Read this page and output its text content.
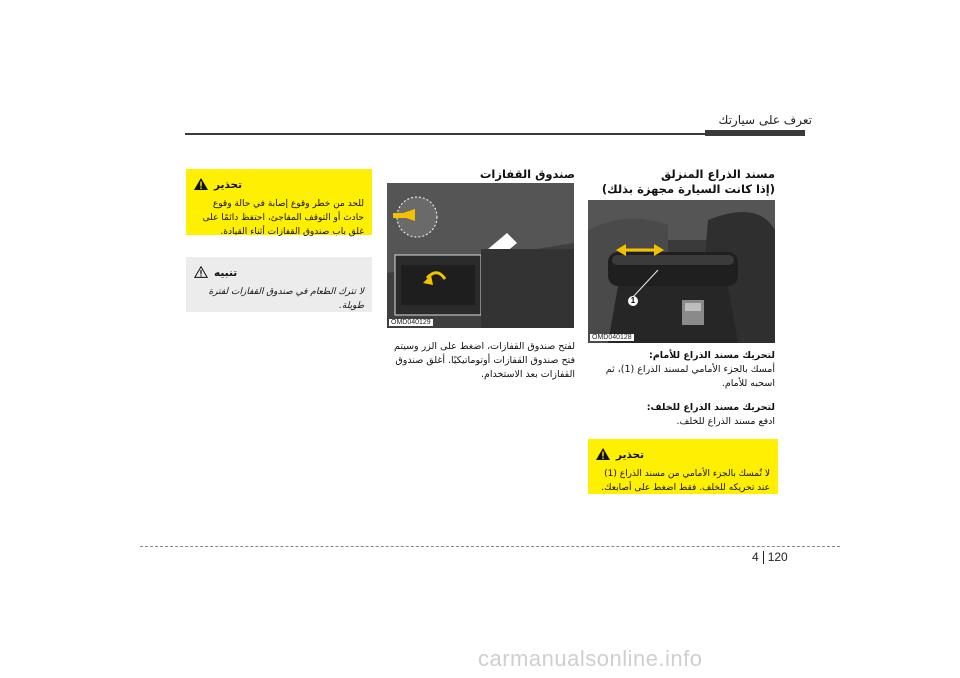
تعرف على سيارتك
مسند الذراع المنزلق
(إذا كانت السيارة مجهزة بذلك)
1
OMD040128
لتحريك مسند الذراع للأمام:
أمسك بالجزء الأمامي لمسند الذراع (1)، ثم اسحبه للأمام.
لتحريك مسند الذراع للخلف:
ادفع مسند الذراع للخلف.
تحذير
لا تُمسك بالجزء الأمامي من مسند الذراع (1) عند تحريكه للخلف. فقط اضغط على أصابعك.
صندوق القفازات
OMD040129
لفتح صندوق القفازات، اضغط على الزر وسيتم فتح صندوق القفازات أوتوماتيكيًا. أغلق صندوق القفازات بعد الاستخدام.
تحذير
للحد من خطر وقوع إصابة في حالة وقوع حادث أو التوقف المفاجئ، احتفظ دائمًا على غلق باب صندوق القفازات أثناء القيادة.
تنبيه
لا تترك الطعام في صندوق القفازات لفترة طويلة.
4 120
carmanualsonline.info
